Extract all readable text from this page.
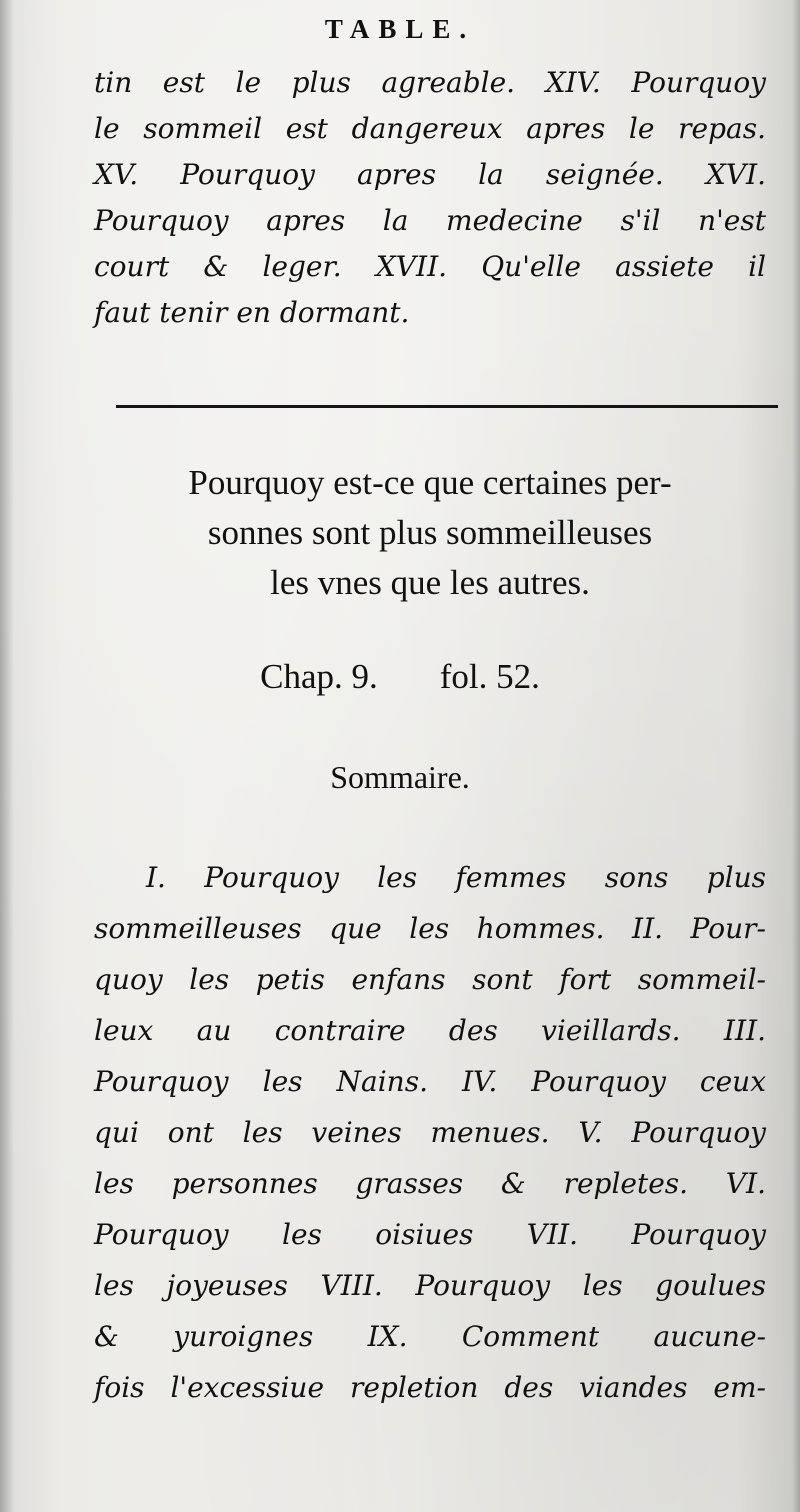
TABLE.
tin est le plus agreable. XIV. Pourquoy
le sommeil est dangereux apres le repas.
XV. Pourquoy apres la seignée. XVI.
Pourquoy apres la medecine s'il n'est
court & leger. XVII. Qu'elle assiete il
faut tenir en dormant.
Pourquoy est-ce que certaines per-
sonnes sont plus sommeilleuses
les vnes que les autres.
Chap. 9. fol. 52.
Sommaire.
I. Pourquoy les femmes sons plus
sommeilleuses que les hommes. II. Pour-
quoy les petis enfans sont fort sommeil-
leux au contraire des vieillards. III.
Pourquoy les Nains. IV. Pourquoy ceux
qui ont les veines menues. V. Pourquoy
les personnes grasses & repletes. VI.
Pourquoy les oisiues VII. Pourquoy
les joyeuses VIII. Pourquoy les goulues
& yuroignes IX. Comment aucune-
fois l'excessiue repletion des viandes em-
